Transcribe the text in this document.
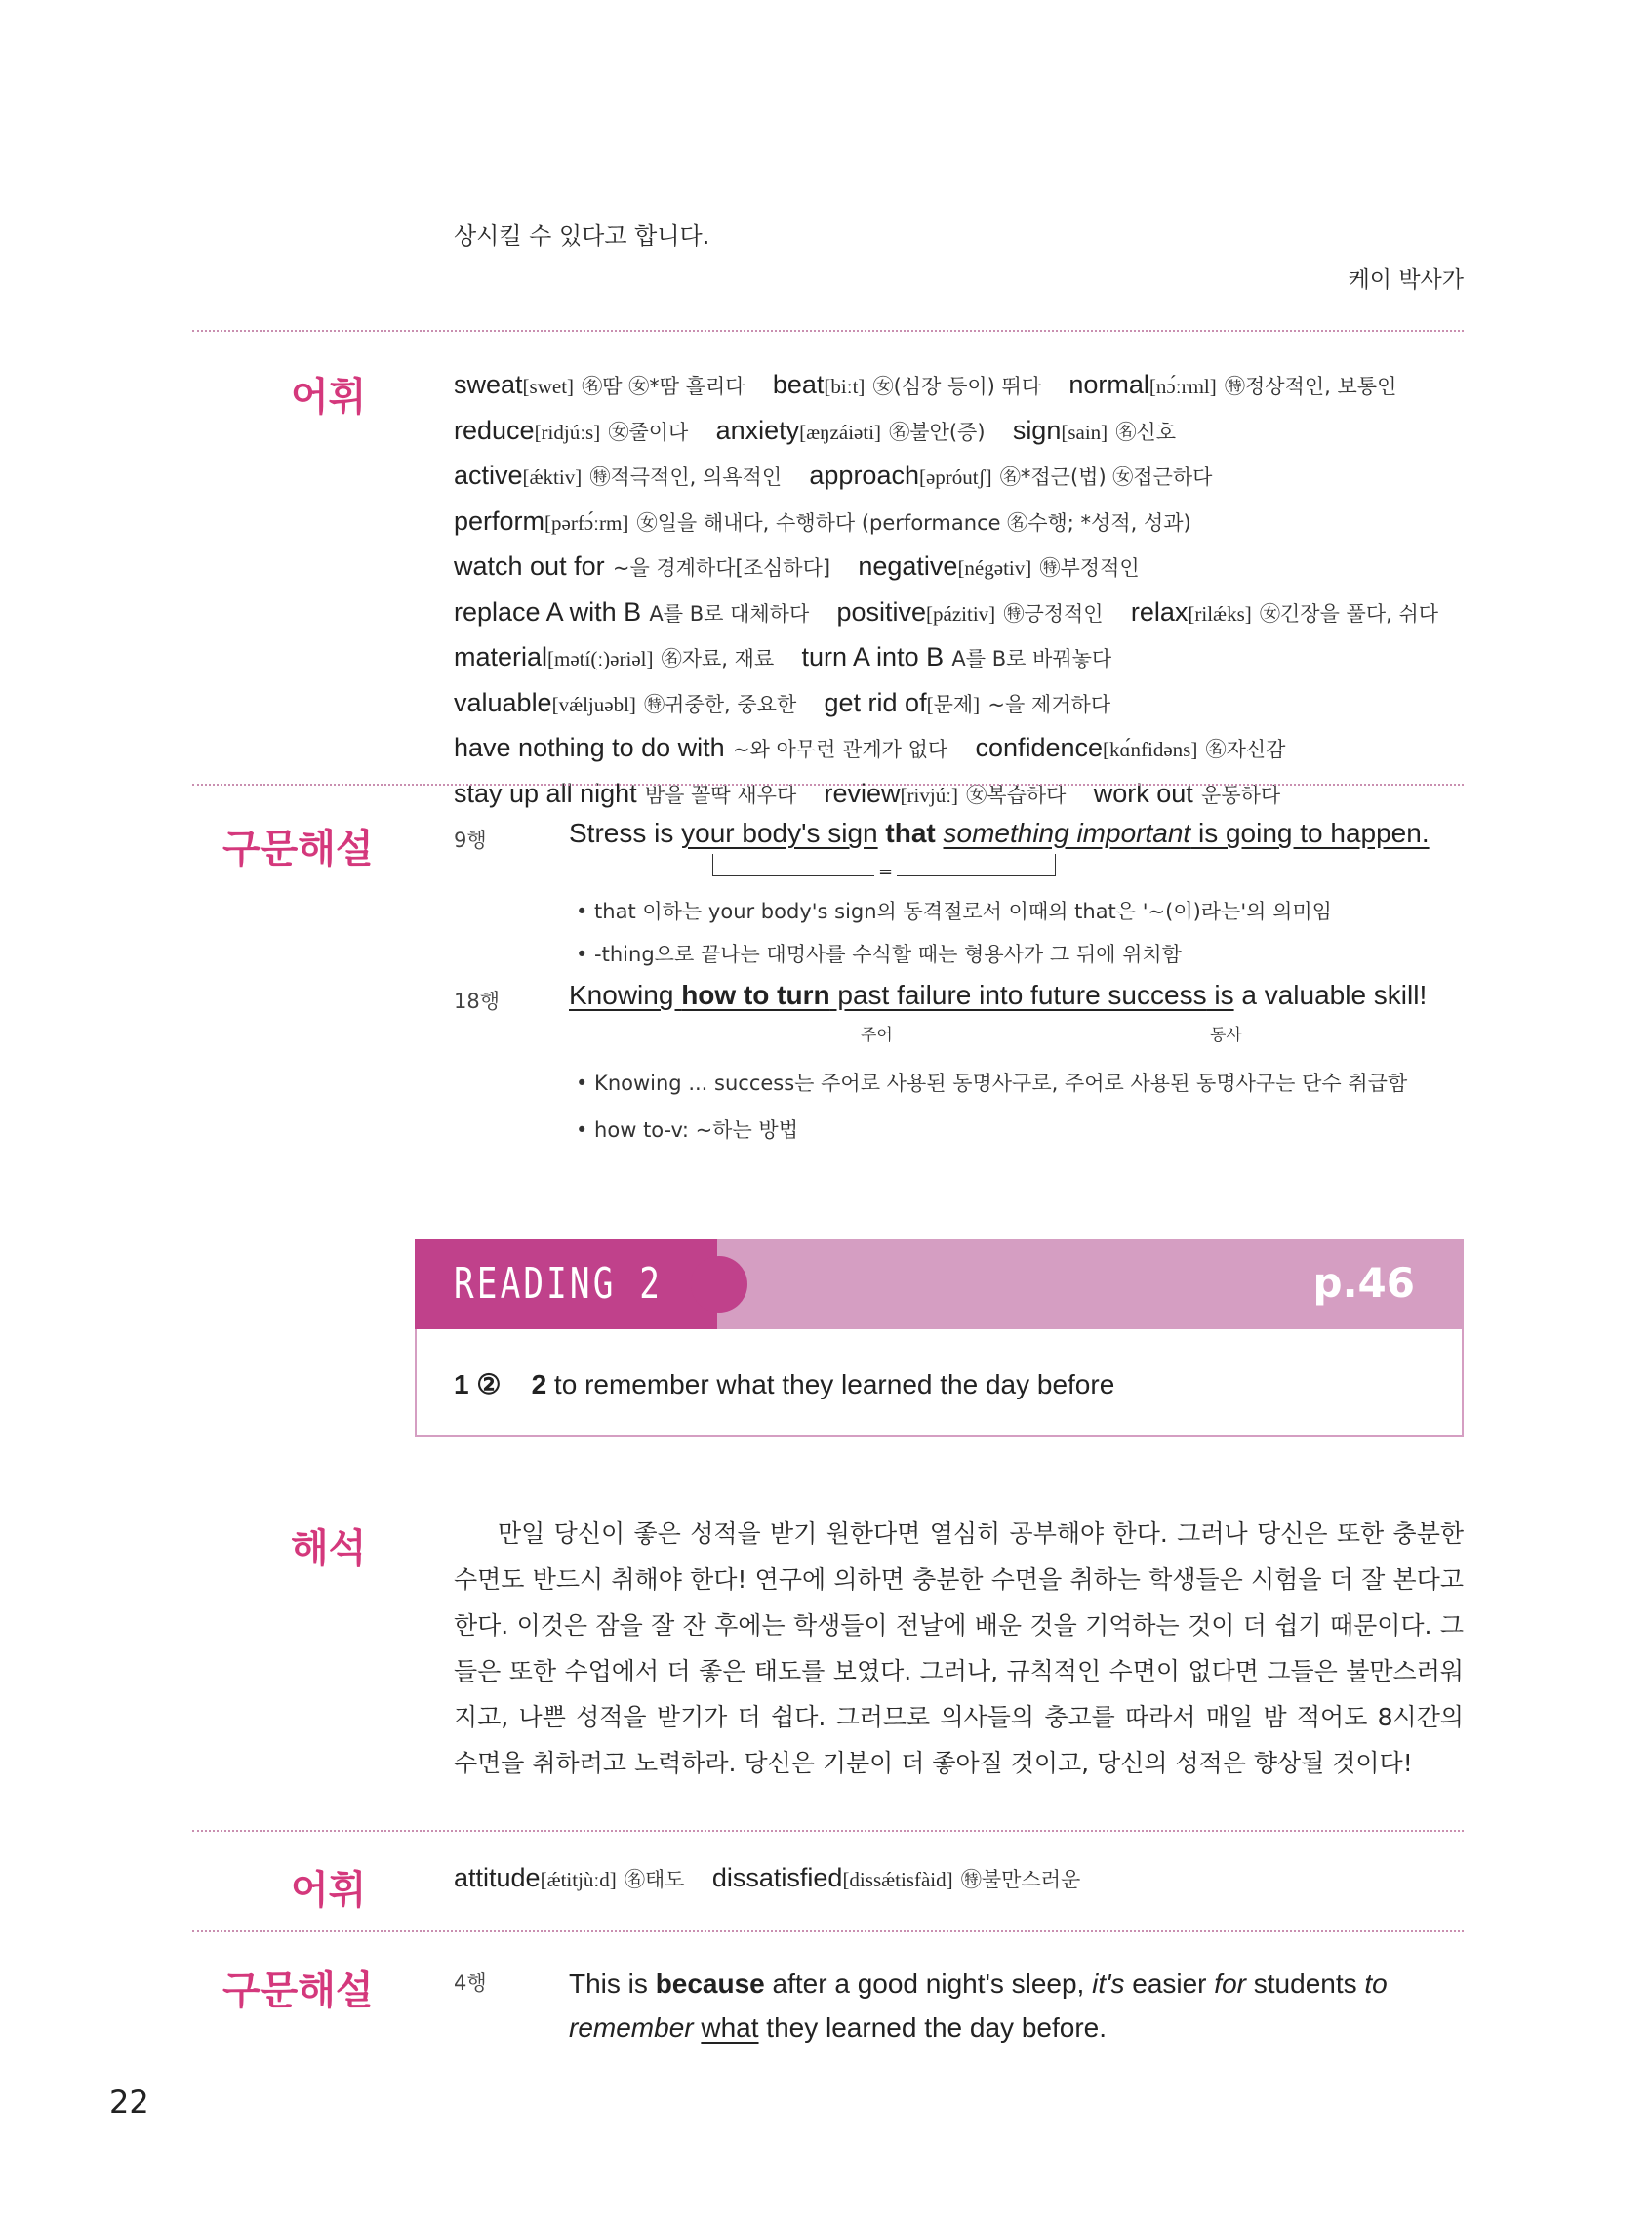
상시킬 수 있다고 합니다.
케이 박사가
어휘	sweat[swet] ㊔땀 ㊛*땀 흘리다 beat[biːt] ㊛(심장 등이) 뛰다 normal[nɔ́ːrml] ㊕정상적인, 보통인 reduce[ridjúːs] ㊛줄이다 anxiety[æŋzáiəti] ㊔불안(증) sign[sain] ㊔신호 active[ǽktiv] ㊕적극적인, 의욕적인 approach[əpróutʃ] ㊔*접근(법) ㊛접근하다 perform[pərfɔ́ːrm] ㊛일을 해내다, 수행하다 (performance ㊔수행; *성적, 성과) watch out for ~을 경계하다[조심하다] negative[négətiv] ㊕부정적인 replace A with B A를 B로 대체하다 positive[pázitiv] ㊕긍정적인 relax[rilǽks] ㊛긴장을 풀다, 쉬다 material[mətí(ː)əriəl] ㊔자료, 재료 turn A into B A를 B로 바꿔놓다 valuable[vǽljuəbl] ㊕귀중한, 중요한 get rid of[문제] ~을 제거하다 have nothing to do with ~와 아무런 관계가 없다 confidence[kɑ́nfidəns] ㊔자신감 stay up all night 밤을 꼴딱 새우다 review[rivjúː] ㊛복습하다 work out 운동하다
구문해설	9행	Stress is your body's sign that something important is going to happen.
=
• that 이하는 your body's sign의 동격절로서 이때의 that은 '~(이)라는'의 의미임
• -thing으로 끝나는 대명사를 수식할 때는 형용사가 그 뒤에 위치함
18행	Knowing how to turn past failure into future success is a valuable skill!
주어	동사
• Knowing ... success는 주어로 사용된 동명사구로, 주어로 사용된 동명사구는 단수 취급함
• how to-v: ~하는 방법
READING 2	p.46
1 ② 2 to remember what they learned the day before
해석	만일 당신이 좋은 성적을 받기 원한다면 열심히 공부해야 한다. 그러나 당신은 또한 충분한 수면도 반드시 취해야 한다! 연구에 의하면 충분한 수면을 취하는 학생들은 시험을 더 잘 본다고 한다. 이것은 잠을 잘 잔 후에는 학생들이 전날에 배운 것을 기억하는 것이 더 쉽기 때문이다. 그들은 또한 수업에서 더 좋은 태도를 보였다. 그러나, 규칙적인 수면이 없다면 그들은 불만스러워지고, 나쁜 성적을 받기가 더 쉽다. 그러므로 의사들의 충고를 따라서 매일 밤 적어도 8시간의 수면을 취하려고 노력하라. 당신은 기분이 더 좋아질 것이고, 당신의 성적은 향상될 것이다!
어휘	attitude[ǽtitjùːd] ㊔태도 dissatisfied[dissǽtisfàid] ㊕불만스러운
구문해설	4행	This is because after a good night's sleep, it's easier for students to
remember what they learned the day before.
22
